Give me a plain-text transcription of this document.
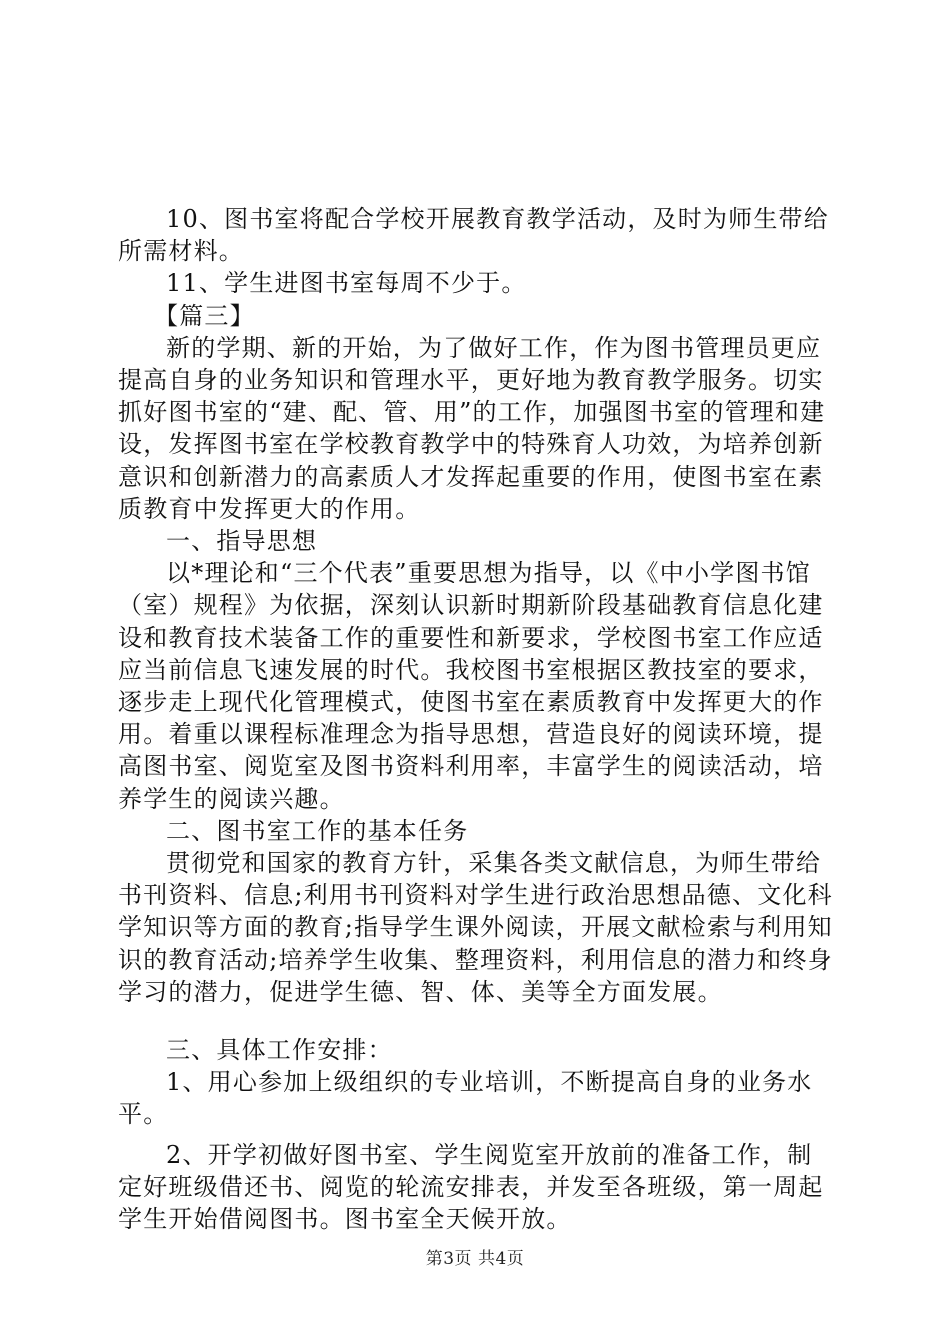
10、图书室将配合学校开展教育教学活动，及时为师生带给所需材料。

11、学生进图书室每周不少于。

【篇三】

新的学期、新的开始，为了做好工作，作为图书管理员更应提高自身的业务知识和管理水平，更好地为教育教学服务。切实抓好图书室的“建、配、管、用”的工作，加强图书室的管理和建设，发挥图书室在学校教育教学中的特殊育人功效，为培养创新意识和创新潜力的高素质人才发挥起重要的作用，使图书室在素质教育中发挥更大的作用。

一、指导思想

以*理论和“三个代表”重要思想为指导，以《中小学图书馆（室）规程》为依据，深刻认识新时期新阶段基础教育信息化建设和教育技术装备工作的重要性和新要求，学校图书室工作应适应当前信息飞速发展的时代。我校图书室根据区教技室的要求，逐步走上现代化管理模式，使图书室在素质教育中发挥更大的作用。着重以课程标准理念为指导思想，营造良好的阅读环境，提高图书室、阅览室及图书资料利用率，丰富学生的阅读活动，培养学生的阅读兴趣。

二、图书室工作的基本任务

贯彻党和国家的教育方针，采集各类文献信息，为师生带给书刊资料、信息;利用书刊资料对学生进行政治思想品德、文化科学知识等方面的教育;指导学生课外阅读，开展文献检索与利用知识的教育活动;培养学生收集、整理资料，利用信息的潜力和终身学习的潜力，促进学生德、智、体、美等全方面发展。

三、具体工作安排：

1、用心参加上级组织的专业培训，不断提高自身的业务水平。

2、开学初做好图书室、学生阅览室开放前的准备工作，制定好班级借还书、阅览的轮流安排表，并发至各班级，第一周起学生开始借阅图书。图书室全天候开放。

第3页 共4页
